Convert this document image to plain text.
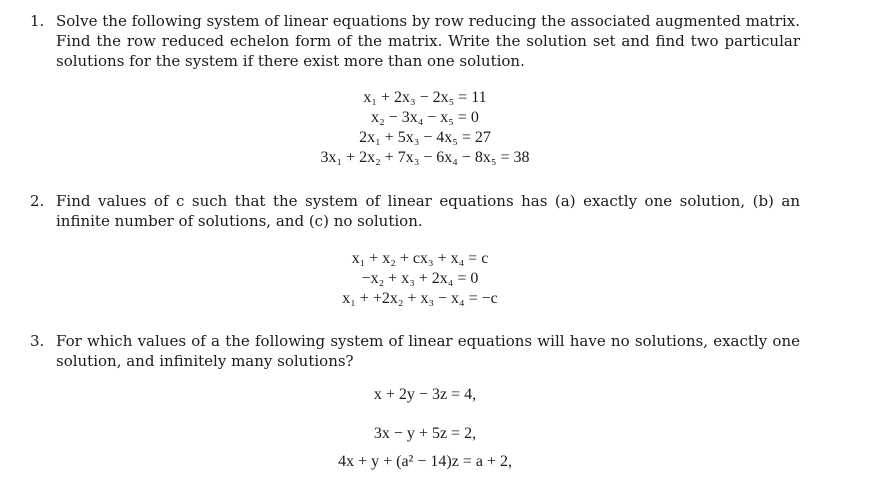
1. Solve the following system of linear equations by row reducing the associated augmented matrix. Find the row reduced echelon form of the matrix. Write the solution set and find two particular solutions for the system if there exist more than one solution.
x₁ + 2x₃ − 2x₅ = 11
x₂ − 3x₄ − x₅ = 0
2x₁ + 5x₃ − 4x₅ = 27
3x₁ + 2x₂ + 7x₃ − 6x₄ − 8x₅ = 38
2. Find values of c such that the system of linear equations has (a) exactly one solution, (b) an infinite number of solutions, and (c) no solution.
x₁ + x₂ + cx₃ + x₄ = c
−x₂ + x₃ + 2x₄ = 0
x₁ + +2x₂ + x₃ − x₄ = −c
3. For which values of a the following system of linear equations will have no solutions, exactly one solution, and infinitely many solutions?
x + 2y − 3z = 4,
3x − y + 5z = 2,
4x + y + (a² − 14)z = a + 2,
